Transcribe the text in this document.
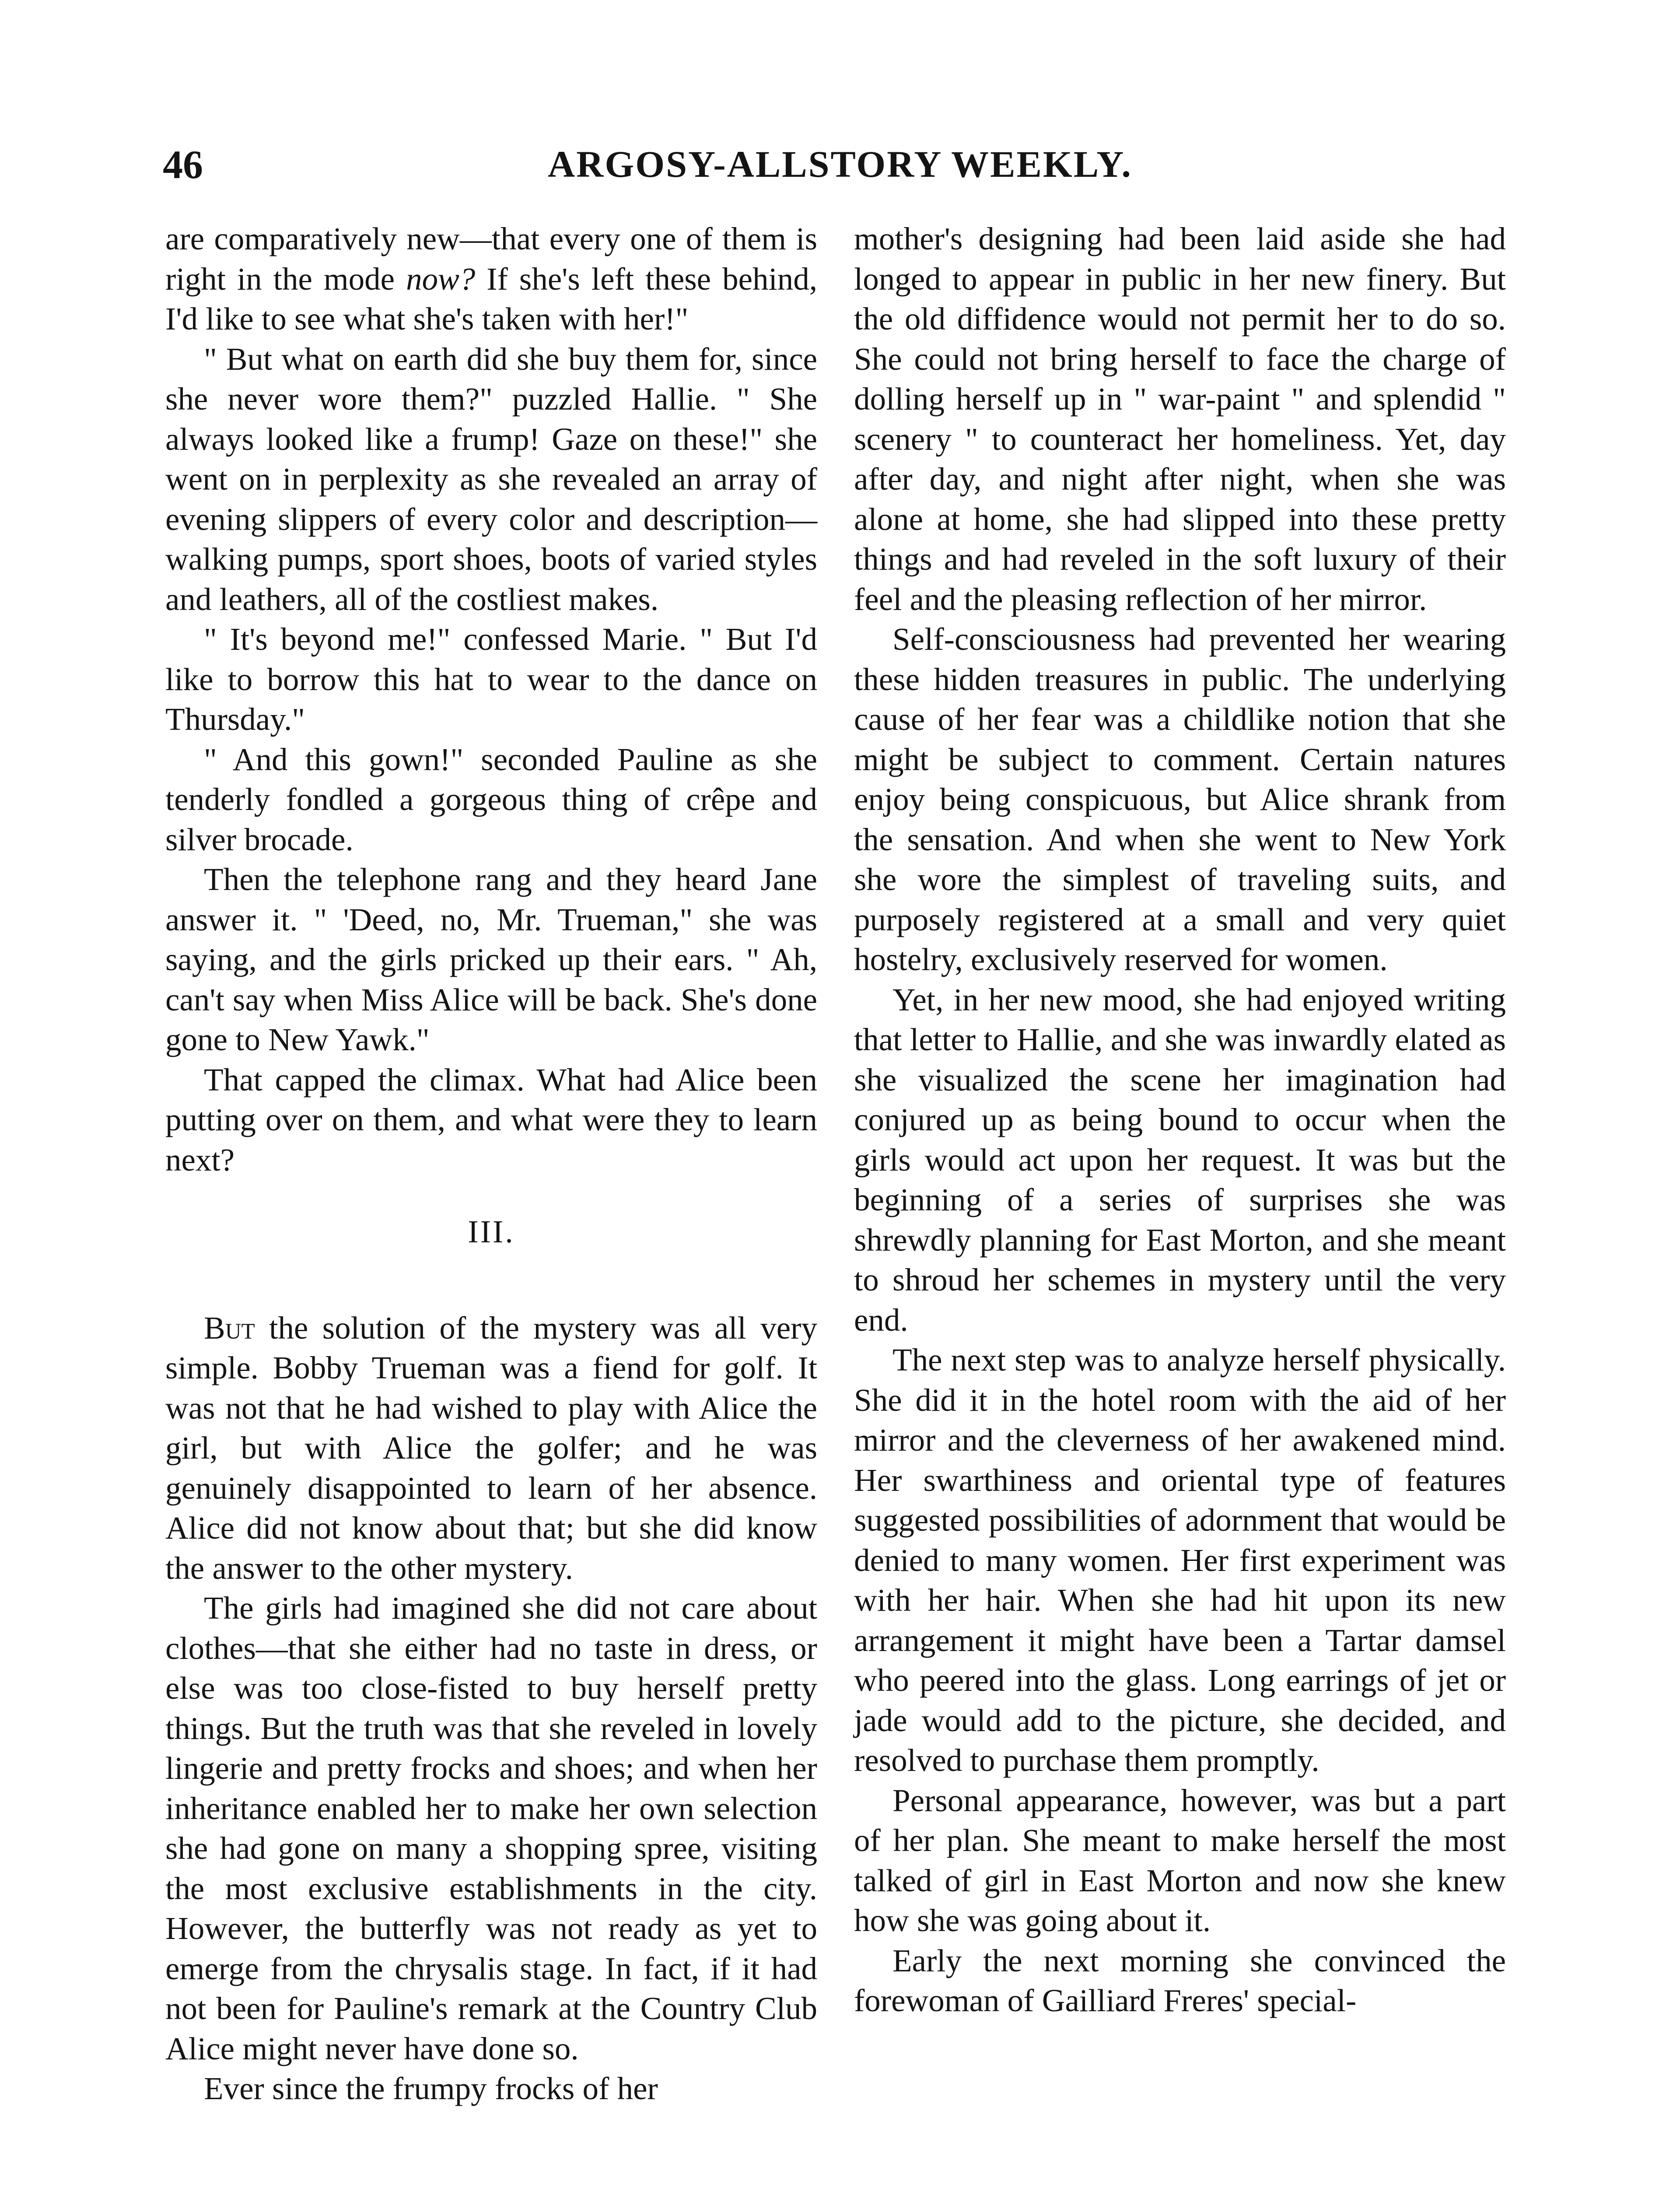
46	ARGOSY-ALLSTORY WEEKLY.

are comparatively new—that every one of them is right in the mode now? If she's left these behind, I'd like to see what she's taken with her!"

" But what on earth did she buy them for, since she never wore them?" puzzled Hallie. " She always looked like a frump! Gaze on these!" she went on in perplexity as she revealed an array of evening slippers of every color and description—walking pumps, sport shoes, boots of varied styles and leathers, all of the costliest makes.

" It's beyond me!" confessed Marie. " But I'd like to borrow this hat to wear to the dance on Thursday."

" And this gown!" seconded Pauline as she tenderly fondled a gorgeous thing of crêpe and silver brocade.

Then the telephone rang and they heard Jane answer it. " 'Deed, no, Mr. Trueman," she was saying, and the girls pricked up their ears. " Ah, can't say when Miss Alice will be back. She's done gone to New Yawk."

That capped the climax. What had Alice been putting over on them, and what were they to learn next?

III.

But the solution of the mystery was all very simple. Bobby Trueman was a fiend for golf. It was not that he had wished to play with Alice the girl, but with Alice the golfer; and he was genuinely disappointed to learn of her absence. Alice did not know about that; but she did know the answer to the other mystery.

The girls had imagined she did not care about clothes—that she either had no taste in dress, or else was too close-fisted to buy herself pretty things. But the truth was that she reveled in lovely lingerie and pretty frocks and shoes; and when her inheritance enabled her to make her own selection she had gone on many a shopping spree, visiting the most exclusive establishments in the city. However, the butterfly was not ready as yet to emerge from the chrysalis stage. In fact, if it had not been for Pauline's remark at the Country Club Alice might never have done so.

Ever since the frumpy frocks of her

mother's designing had been laid aside she had longed to appear in public in her new finery. But the old diffidence would not permit her to do so. She could not bring herself to face the charge of dolling herself up in " war-paint " and splendid " scenery " to counteract her homeliness. Yet, day after day, and night after night, when she was alone at home, she had slipped into these pretty things and had reveled in the soft luxury of their feel and the pleasing reflection of her mirror.

Self-consciousness had prevented her wearing these hidden treasures in public. The underlying cause of her fear was a childlike notion that she might be subject to comment. Certain natures enjoy being conspicuous, but Alice shrank from the sensation. And when she went to New York she wore the simplest of traveling suits, and purposely registered at a small and very quiet hostelry, exclusively reserved for women.

Yet, in her new mood, she had enjoyed writing that letter to Hallie, and she was inwardly elated as she visualized the scene her imagination had conjured up as being bound to occur when the girls would act upon her request. It was but the beginning of a series of surprises she was shrewdly planning for East Morton, and she meant to shroud her schemes in mystery until the very end.

The next step was to analyze herself physically. She did it in the hotel room with the aid of her mirror and the cleverness of her awakened mind. Her swarthiness and oriental type of features suggested possibilities of adornment that would be denied to many women. Her first experiment was with her hair. When she had hit upon its new arrangement it might have been a Tartar damsel who peered into the glass. Long earrings of jet or jade would add to the picture, she decided, and resolved to purchase them promptly.

Personal appearance, however, was but a part of her plan. She meant to make herself the most talked of girl in East Morton and now she knew how she was going about it.

Early the next morning she convinced the forewoman of Gailliard Freres' special-
